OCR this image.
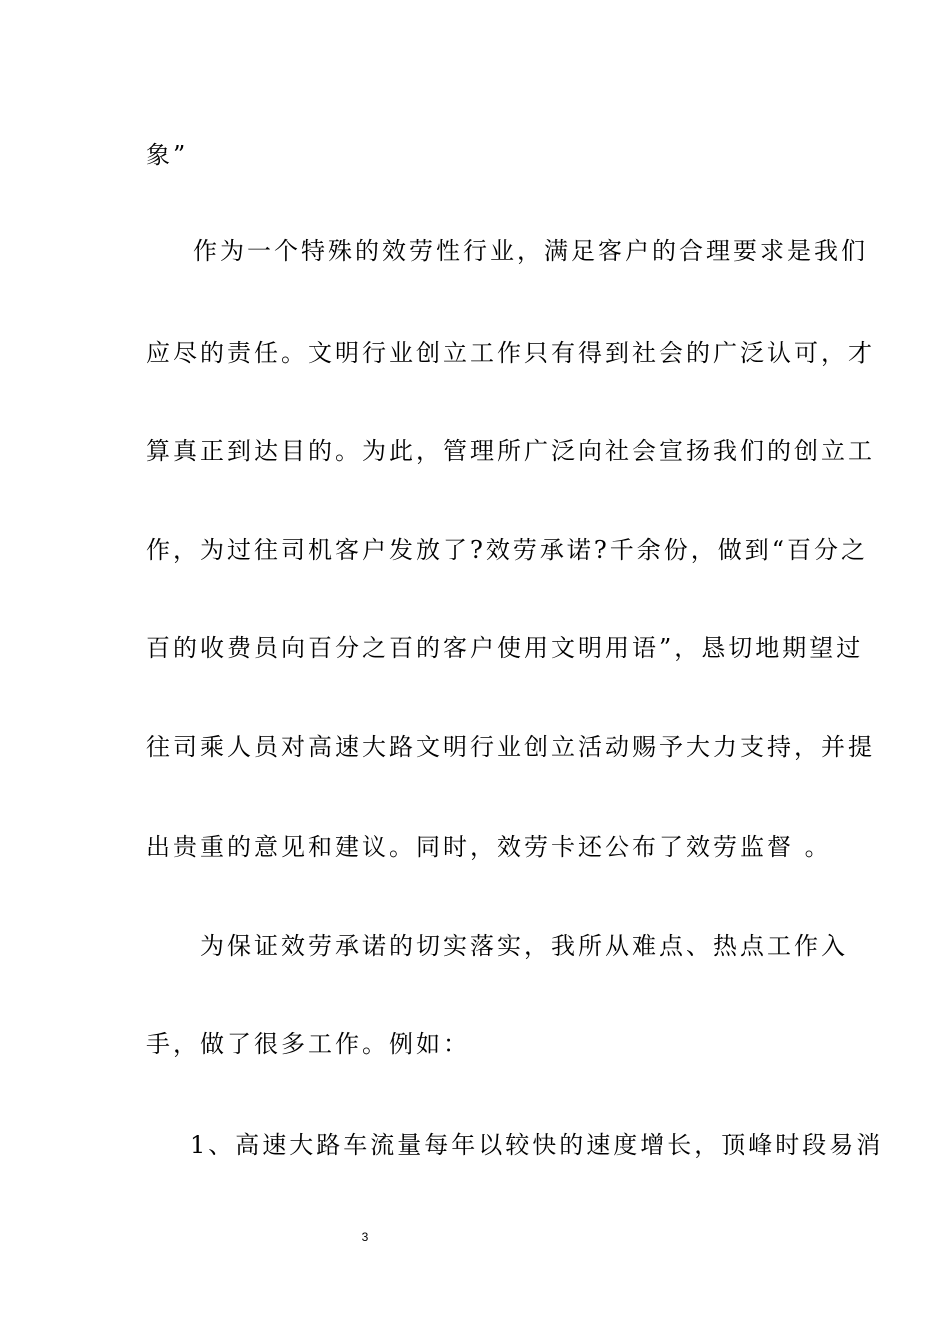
象”
作为一个特殊的效劳性行业，满足客户的合理要求是我们
应尽的责任。文明行业创立工作只有得到社会的广泛认可，才
算真正到达目的。为此，管理所广泛向社会宣扬我们的创立工
作，为过往司机客户发放了?效劳承诺?千余份，做到“百分之
百的收费员向百分之百的客户使用文明用语”，恳切地期望过
往司乘人员对高速大路文明行业创立活动赐予大力支持，并提
出贵重的意见和建议。同时，效劳卡还公布了效劳监督 。
为保证效劳承诺的切实落实，我所从难点、热点工作入
手，做了很多工作。例如：
1、高速大路车流量每年以较快的速度增长，顶峰时段易消
3
